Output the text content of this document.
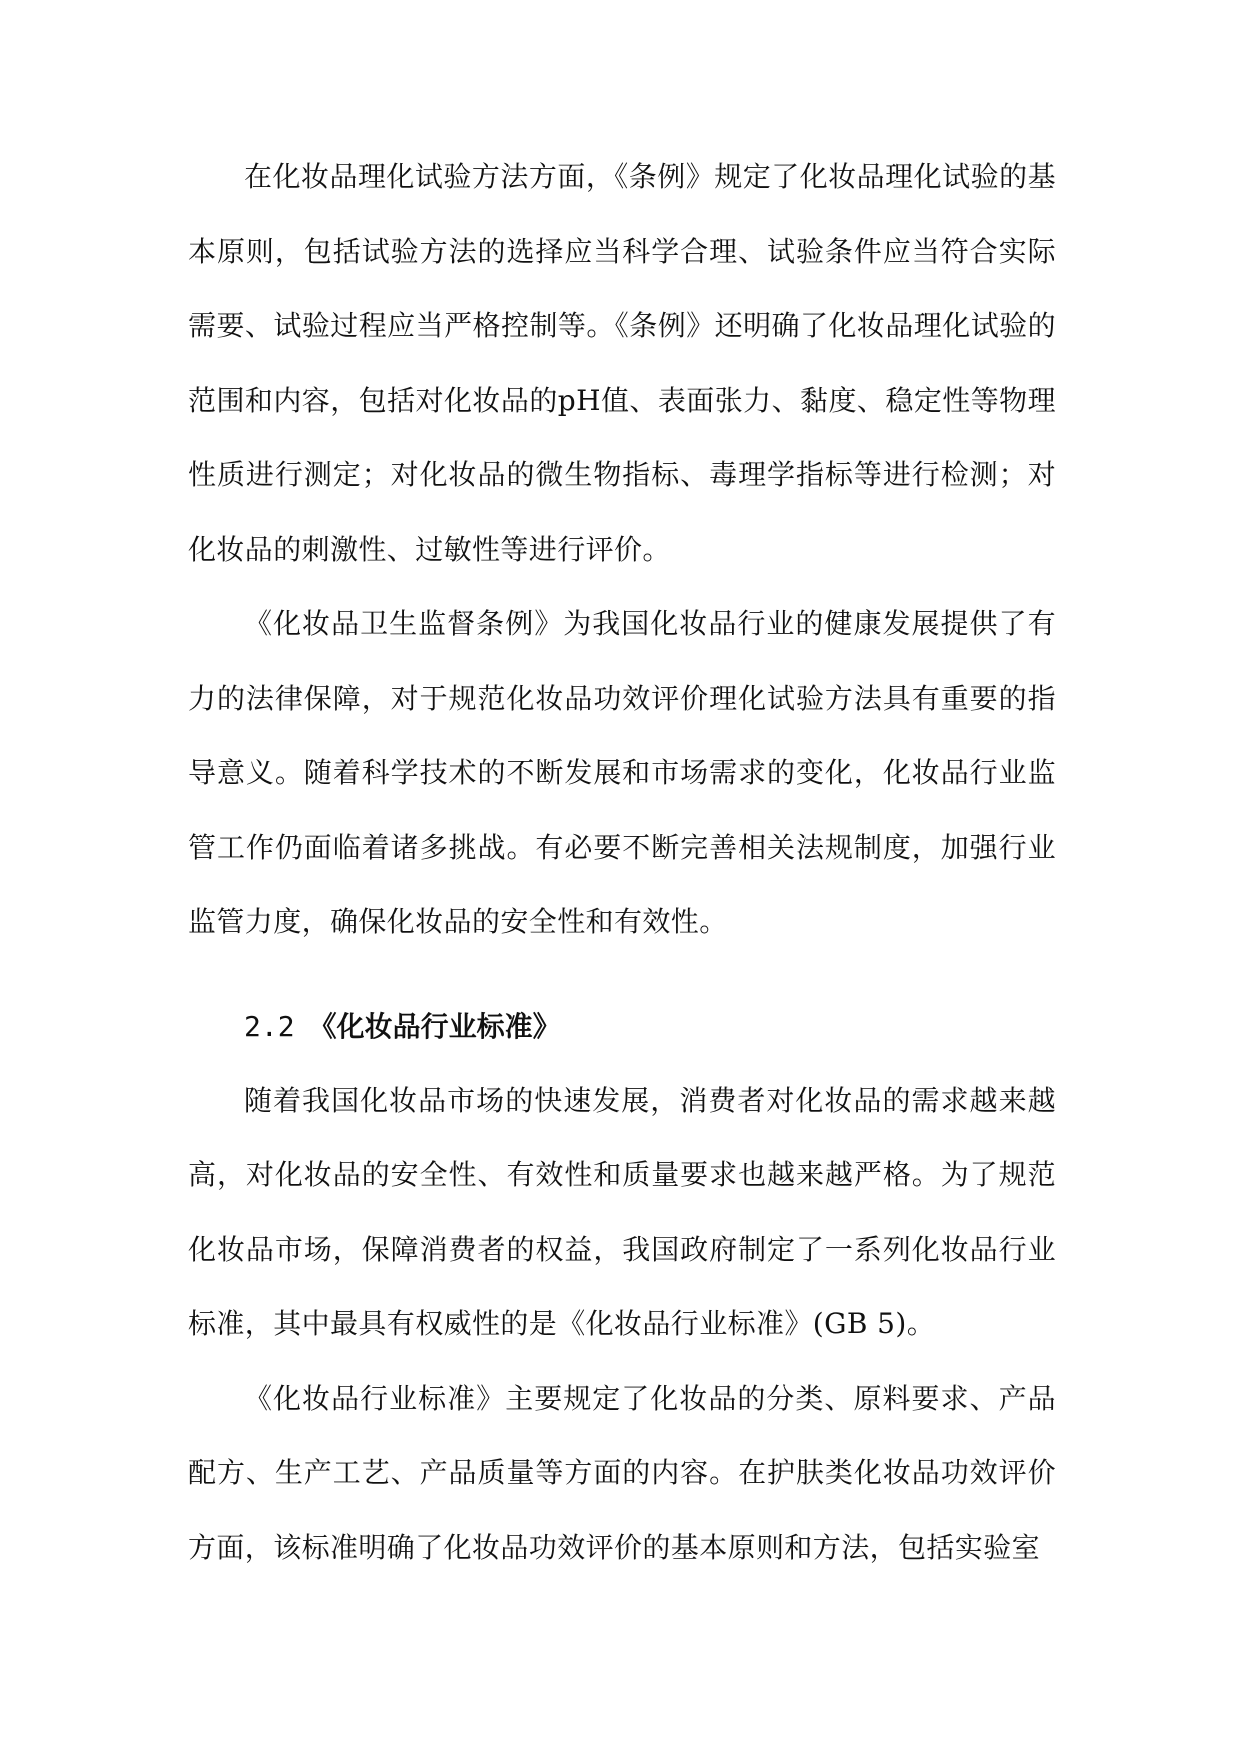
在化妆品理化试验方法方面，《条例》规定了化妆品理化试验的基本原则，包括试验方法的选择应当科学合理、试验条件应当符合实际需要、试验过程应当严格控制等。《条例》还明确了化妆品理化试验的范围和内容，包括对化妆品的pH值、表面张力、黏度、稳定性等物理性质进行测定；对化妆品的微生物指标、毒理学指标等进行检测；对化妆品的刺激性、过敏性等进行评价。

《化妆品卫生监督条例》为我国化妆品行业的健康发展提供了有力的法律保障，对于规范化妆品功效评价理化试验方法具有重要的指导意义。随着科学技术的不断发展和市场需求的变化，化妆品行业监管工作仍面临着诸多挑战。有必要不断完善相关法规制度，加强行业监管力度，确保化妆品的安全性和有效性。

2.2 《化妆品行业标准》

随着我国化妆品市场的快速发展，消费者对化妆品的需求越来越高，对化妆品的安全性、有效性和质量要求也越来越严格。为了规范化妆品市场，保障消费者的权益，我国政府制定了一系列化妆品行业标准，其中最具有权威性的是《化妆品行业标准》(GB 5)。

《化妆品行业标准》主要规定了化妆品的分类、原料要求、产品配方、生产工艺、产品质量等方面的内容。在护肤类化妆品功效评价方面，该标准明确了化妆品功效评价的基本原则和方法，包括实验室
